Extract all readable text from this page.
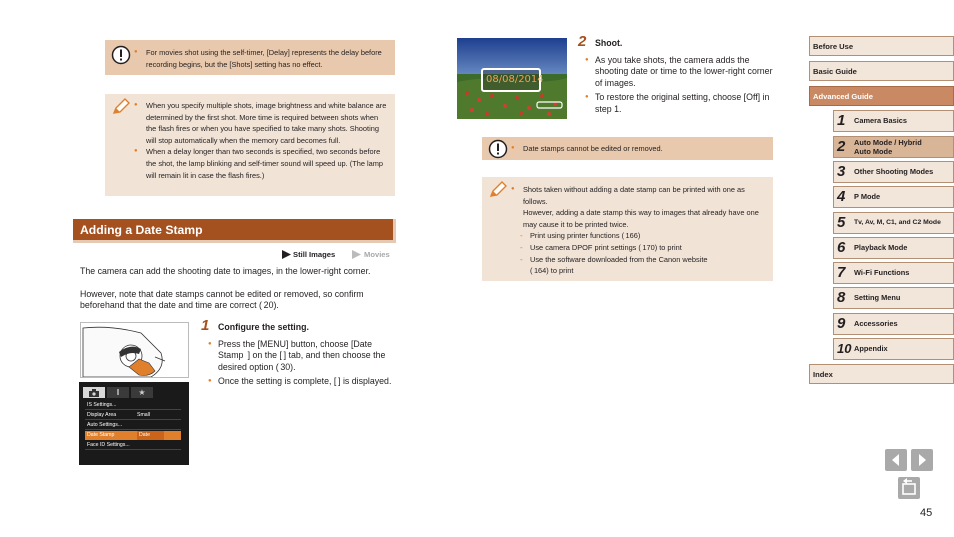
● For movies shot using the self-timer, [Delay] represents the delay before recording begins, but the [Shots] setting has no effect.
● When you specify multiple shots, image brightness and white balance are determined by the first shot. More time is required between shots when the flash fires or when you have specified to take many shots. Shooting will stop automatically when the memory card becomes full.
● When a delay longer than two seconds is specified, two seconds before the shot, the lamp blinking and self-timer sound will speed up. (The lamp will remain lit in case the flash fires.)
Adding a Date Stamp
Still Images	Movies
The camera can add the shooting date to images, in the lower-right corner.
However, note that date stamps cannot be edited or removed, so confirm beforehand that the date and time are correct ( 20).
ǁ	★
IS Settings...
Display Area	Small
Auto Settings...
Date Stamp	Date
Face ID Settings...
1 Configure the setting.
● Press the [MENU] button, choose [Date Stamp  ] on the [ ] tab, and then choose the desired option ( 30).
● Once the setting is complete, [ ] is displayed.
08/08/2014
2 Shoot.
● As you take shots, the camera adds the shooting date or time to the lower-right corner of images.
● To restore the original setting, choose [Off] in step 1.
● Date stamps cannot be edited or removed.
● Shots taken without adding a date stamp can be printed with one as follows.
However, adding a date stamp this way to images that already have one may cause it to be printed twice.
- Print using printer functions ( 166)
- Use camera DPOF print settings ( 170) to print
- Use the software downloaded from the Canon website
( 164) to print
Before Use
Basic Guide
Advanced Guide
1 Camera Basics
2 Auto Mode / Hybrid Auto Mode
3 Other Shooting Modes
4 P Mode
5 Tv, Av, M, C1, and C2 Mode
6 Playback Mode
7 Wi-Fi Functions
8 Setting Menu
9 Accessories
10 Appendix
Index
45
